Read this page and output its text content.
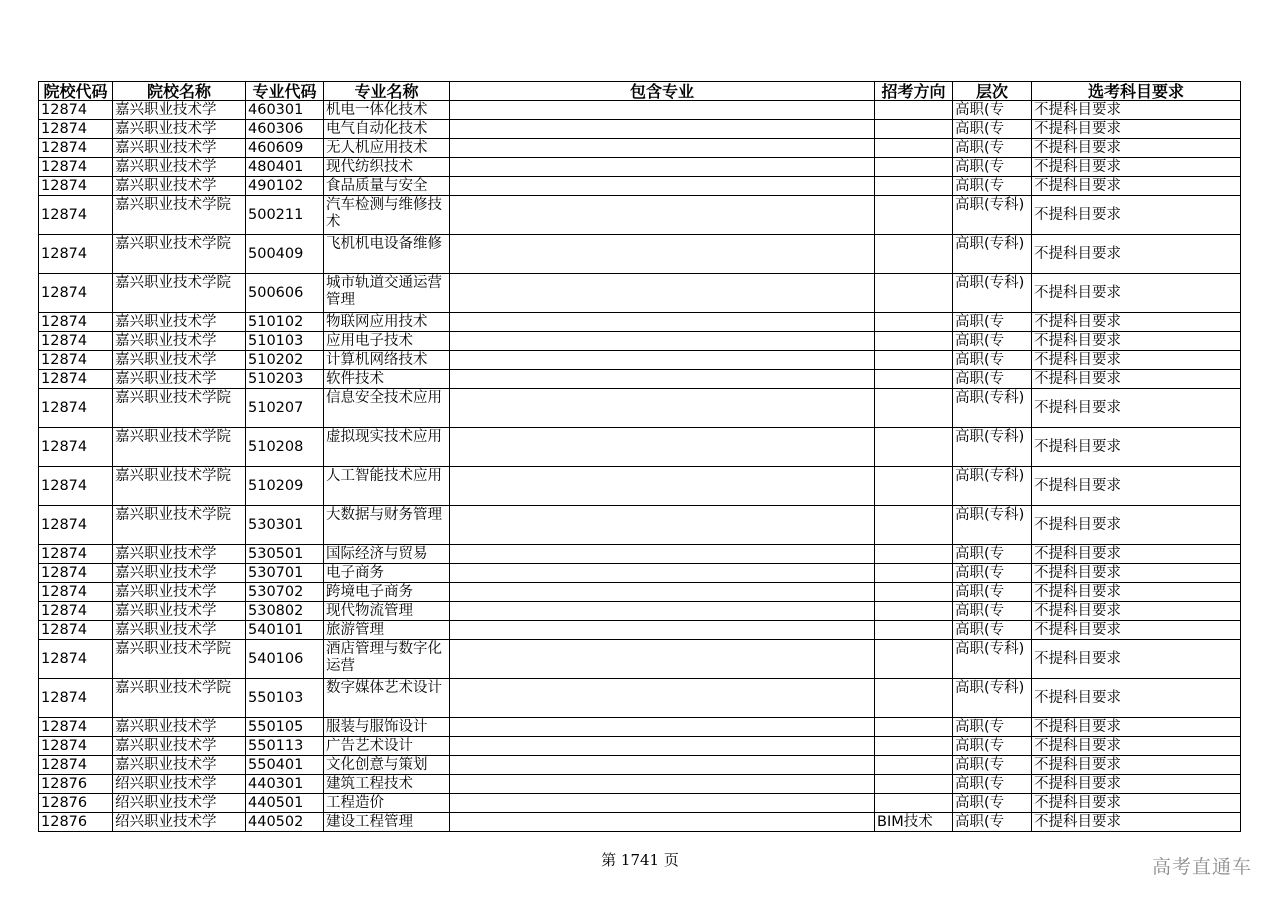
院校代码	院校名称	专业代码	专业名称	包含专业	招考方向	层次	选考科目要求
12874	嘉兴职业技术学	460301	机电一体化技术			高职(专	不提科目要求
12874	嘉兴职业技术学	460306	电气自动化技术			高职(专	不提科目要求
12874	嘉兴职业技术学	460609	无人机应用技术			高职(专	不提科目要求
12874	嘉兴职业技术学	480401	现代纺织技术			高职(专	不提科目要求
12874	嘉兴职业技术学	490102	食品质量与安全			高职(专	不提科目要求
12874	嘉兴职业技术学院	500211	汽车检测与维修技术			高职(专科)	不提科目要求
12874	嘉兴职业技术学院	500409	飞机机电设备维修			高职(专科)	不提科目要求
12874	嘉兴职业技术学院	500606	城市轨道交通运营管理			高职(专科)	不提科目要求
12874	嘉兴职业技术学	510102	物联网应用技术			高职(专	不提科目要求
12874	嘉兴职业技术学	510103	应用电子技术			高职(专	不提科目要求
12874	嘉兴职业技术学	510202	计算机网络技术			高职(专	不提科目要求
12874	嘉兴职业技术学	510203	软件技术			高职(专	不提科目要求
12874	嘉兴职业技术学院	510207	信息安全技术应用			高职(专科)	不提科目要求
12874	嘉兴职业技术学院	510208	虚拟现实技术应用			高职(专科)	不提科目要求
12874	嘉兴职业技术学院	510209	人工智能技术应用			高职(专科)	不提科目要求
12874	嘉兴职业技术学院	530301	大数据与财务管理			高职(专科)	不提科目要求
12874	嘉兴职业技术学	530501	国际经济与贸易			高职(专	不提科目要求
12874	嘉兴职业技术学	530701	电子商务			高职(专	不提科目要求
12874	嘉兴职业技术学	530702	跨境电子商务			高职(专	不提科目要求
12874	嘉兴职业技术学	530802	现代物流管理			高职(专	不提科目要求
12874	嘉兴职业技术学	540101	旅游管理			高职(专	不提科目要求
12874	嘉兴职业技术学院	540106	酒店管理与数字化运营			高职(专科)	不提科目要求
12874	嘉兴职业技术学院	550103	数字媒体艺术设计			高职(专科)	不提科目要求
12874	嘉兴职业技术学	550105	服装与服饰设计			高职(专	不提科目要求
12874	嘉兴职业技术学	550113	广告艺术设计			高职(专	不提科目要求
12874	嘉兴职业技术学	550401	文化创意与策划			高职(专	不提科目要求
12876	绍兴职业技术学	440301	建筑工程技术			高职(专	不提科目要求
12876	绍兴职业技术学	440501	工程造价			高职(专	不提科目要求
12876	绍兴职业技术学	440502	建设工程管理		BIM技术	高职(专	不提科目要求
第 1741 页	高考直通车
